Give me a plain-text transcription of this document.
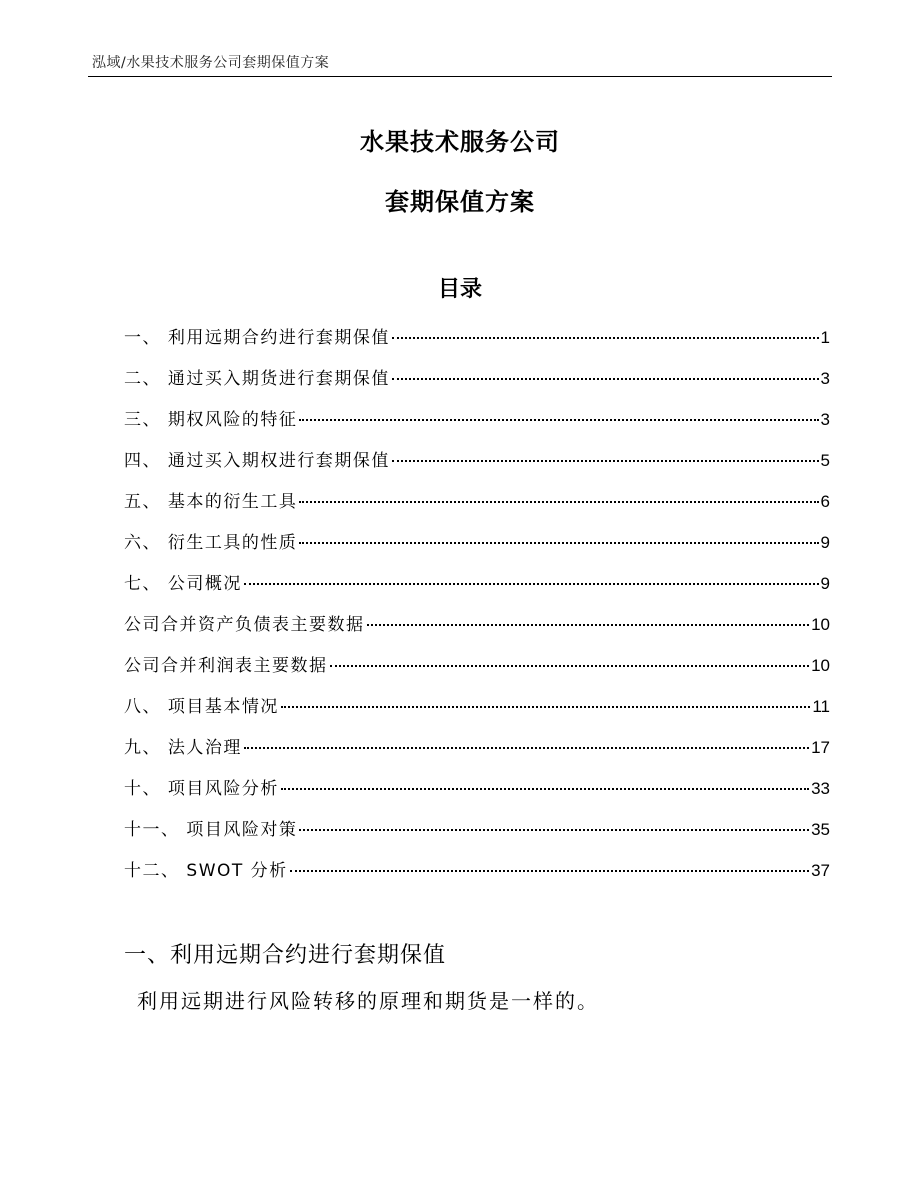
泓域/水果技术服务公司套期保值方案
水果技术服务公司
套期保值方案
目录
一、 利用远期合约进行套期保值	1
二、 通过买入期货进行套期保值	3
三、 期权风险的特征	3
四、 通过买入期权进行套期保值	5
五、 基本的衍生工具	6
六、 衍生工具的性质	9
七、 公司概况	9
公司合并资产负债表主要数据	10
公司合并利润表主要数据	10
八、 项目基本情况	11
九、 法人治理	17
十、 项目风险分析	33
十一、 项目风险对策	35
十二、 SWOT 分析	37
一、利用远期合约进行套期保值
利用远期进行风险转移的原理和期货是一样的。
